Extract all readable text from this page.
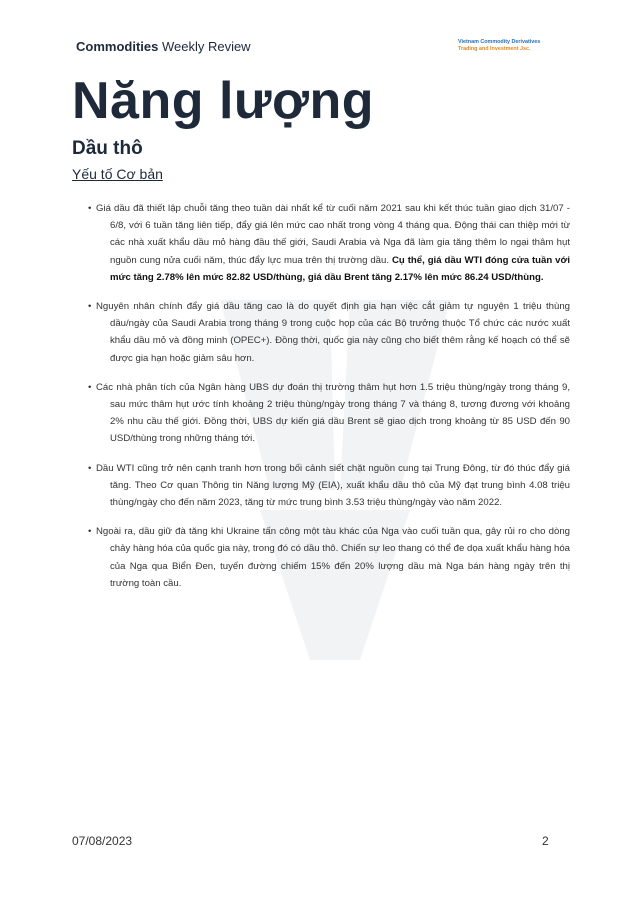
Commodities Weekly Review	Vietnam Commodity Derivatives
Trading and Investment Jsc.
Năng lượng
Dầu thô
Yếu tố Cơ bản
• Giá dầu đã thiết lập chuỗi tăng theo tuần dài nhất kể từ cuối năm 2021 sau khi kết thúc tuần giao dịch 31/07 - 6/8, với 6 tuần tăng liên tiếp, đẩy giá lên mức cao nhất trong vòng 4 tháng qua. Động thái can thiệp mới từ các nhà xuất khẩu dầu mỏ hàng đầu thế giới, Saudi Arabia và Nga đã làm gia tăng thêm lo ngại thâm hụt nguồn cung nửa cuối năm, thúc đẩy lực mua trên thị trường dầu. Cụ thể, giá dầu WTI đóng cửa tuần với mức tăng 2.78% lên mức 82.82 USD/thùng, giá dầu Brent tăng 2.17% lên mức 86.24 USD/thùng.
• Nguyên nhân chính đẩy giá dầu tăng cao là do quyết định gia hạn việc cắt giảm tự nguyện 1 triệu thùng dầu/ngày của Saudi Arabia trong tháng 9 trong cuộc họp của các Bộ trưởng thuộc Tổ chức các nước xuất khẩu dầu mỏ và đồng minh (OPEC+). Đồng thời, quốc gia này cũng cho biết thêm rằng kế hoạch có thể sẽ được gia hạn hoặc giảm sâu hơn.
• Các nhà phân tích của Ngân hàng UBS dự đoán thị trường thâm hụt hơn 1.5 triệu thùng/ngày trong tháng 9, sau mức thâm hụt ước tính khoảng 2 triệu thùng/ngày trong tháng 7 và tháng 8, tương đương với khoảng 2% nhu cầu thế giới. Đồng thời, UBS dự kiến giá dầu Brent sẽ giao dịch trong khoảng từ 85 USD đến 90 USD/thùng trong những tháng tới.
• Dầu WTI cũng trở nên cạnh tranh hơn trong bối cảnh siết chặt nguồn cung tại Trung Đông, từ đó thúc đẩy giá tăng. Theo Cơ quan Thông tin Năng lượng Mỹ (EIA), xuất khẩu dầu thô của Mỹ đạt trung bình 4.08 triệu thùng/ngày cho đến năm 2023, tăng từ mức trung bình 3.53 triệu thùng/ngày vào năm 2022.
• Ngoài ra, dầu giữ đà tăng khi Ukraine tấn công một tàu khác của Nga vào cuối tuần qua, gây rủi ro cho dòng chảy hàng hóa của quốc gia này, trong đó có dầu thô. Chiến sự leo thang có thể đe dọa xuất khẩu hàng hóa của Nga qua Biển Đen, tuyến đường chiếm 15% đến 20% lượng dầu mà Nga bán hàng ngày trên thị trường toàn cầu.
07/08/2023	2
